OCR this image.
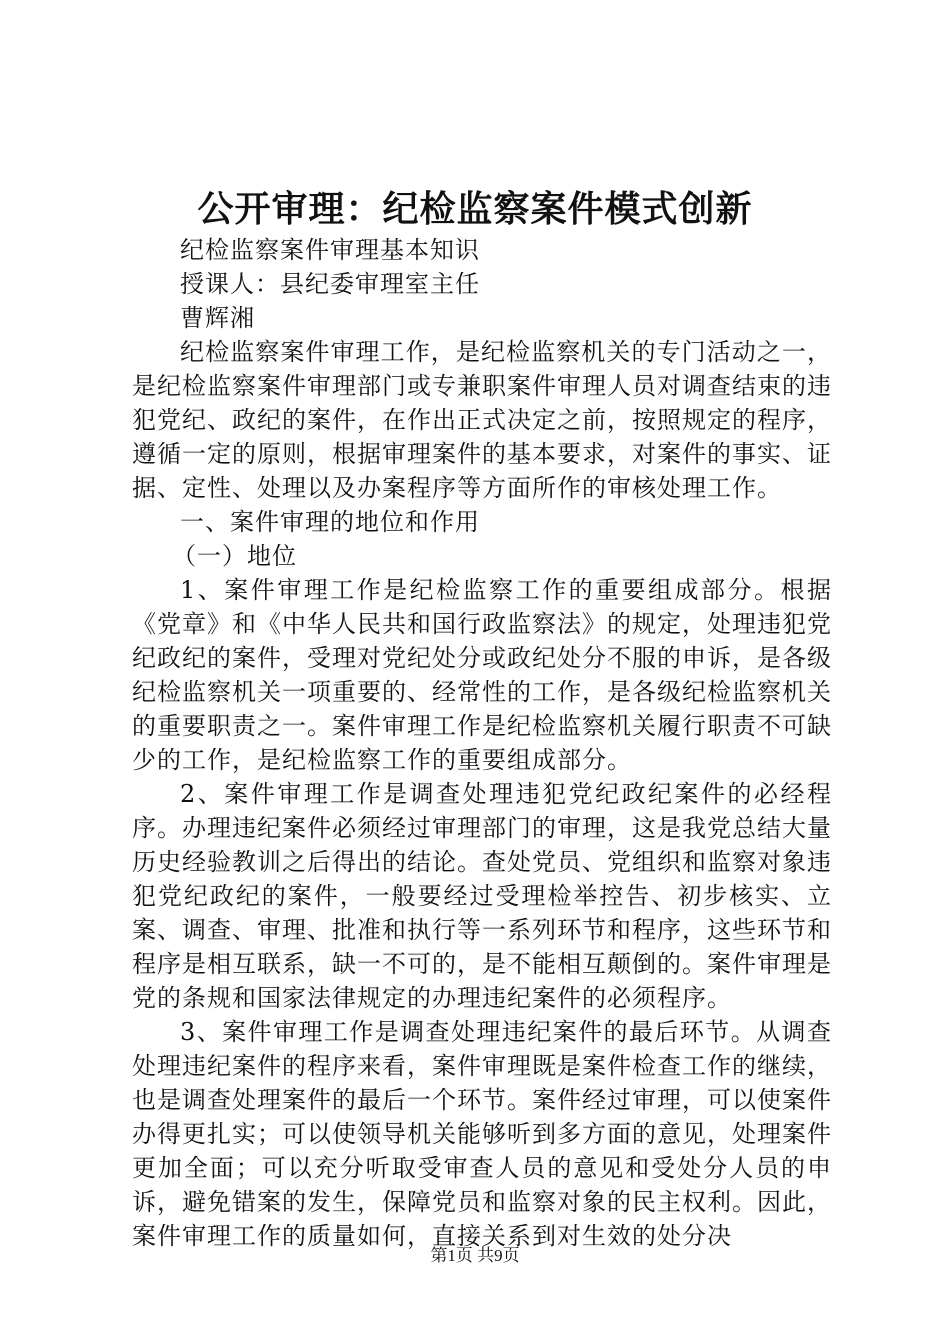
公开审理：纪检监察案件模式创新

纪检监察案件审理基本知识

授课人：县纪委审理室主任

曹辉湘

纪检监察案件审理工作，是纪检监察机关的专门活动之一，是纪检监察案件审理部门或专兼职案件审理人员对调查结束的违犯党纪、政纪的案件，在作出正式决定之前，按照规定的程序，遵循一定的原则，根据审理案件的基本要求，对案件的事实、证据、定性、处理以及办案程序等方面所作的审核处理工作。

一、案件审理的地位和作用

（一）地位

1、案件审理工作是纪检监察工作的重要组成部分。根据《党章》和《中华人民共和国行政监察法》的规定，处理违犯党纪政纪的案件，受理对党纪处分或政纪处分不服的申诉，是各级纪检监察机关一项重要的、经常性的工作，是各级纪检监察机关的重要职责之一。案件审理工作是纪检监察机关履行职责不可缺少的工作，是纪检监察工作的重要组成部分。

2、案件审理工作是调查处理违犯党纪政纪案件的必经程序。办理违纪案件必须经过审理部门的审理，这是我党总结大量历史经验教训之后得出的结论。查处党员、党组织和监察对象违犯党纪政纪的案件，一般要经过受理检举控告、初步核实、立案、调查、审理、批准和执行等一系列环节和程序，这些环节和程序是相互联系，缺一不可的，是不能相互颠倒的。案件审理是党的条规和国家法律规定的办理违纪案件的必须程序。

3、案件审理工作是调查处理违纪案件的最后环节。从调查处理违纪案件的程序来看，案件审理既是案件检查工作的继续，也是调查处理案件的最后一个环节。案件经过审理，可以使案件办得更扎实；可以使领导机关能够听到多方面的意见，处理案件更加全面；可以充分听取受审查人员的意见和受处分人员的申诉，避免错案的发生，保障党员和监察对象的民主权利。因此，案件审理工作的质量如何，直接关系到对生效的处分决

第1页 共9页
